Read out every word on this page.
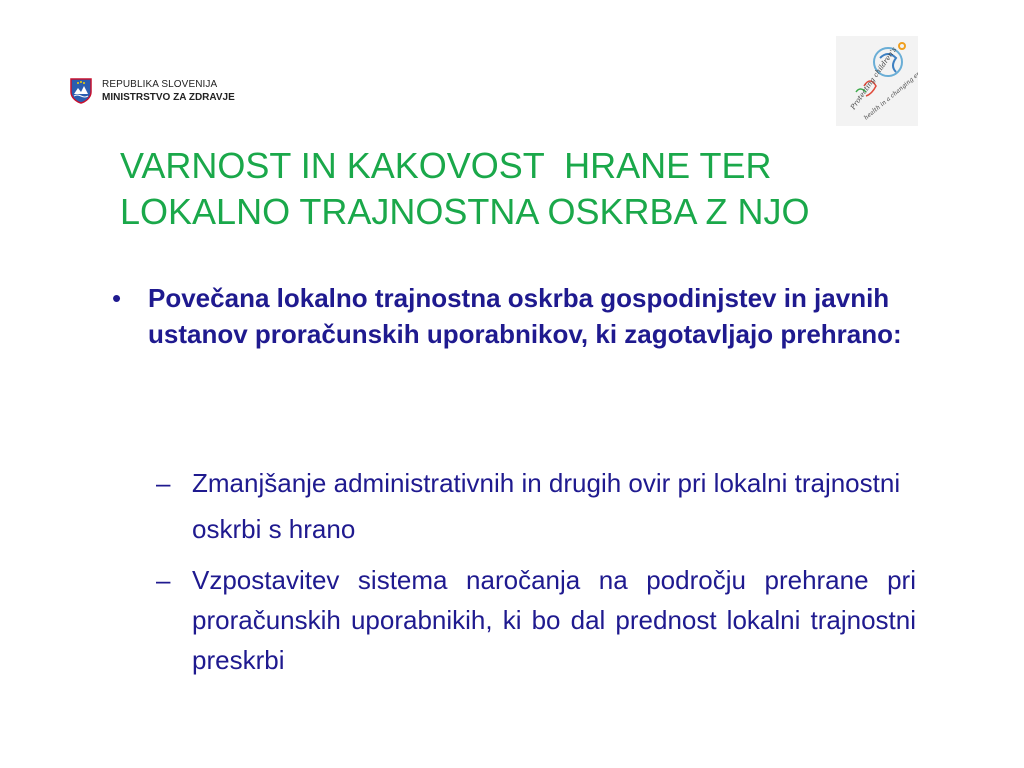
REPUBLIKA SLOVENIJA
MINISTRSTVO ZA ZDRAVJE	Protecting children's
VARNOST IN KAKOVOST  HRANE TER
LOKALNO TRAJNOSTNA OSKRBA Z NJO
•	Povečana lokalno trajnostna oskrba gospodinjstev in javnih ustanov proračunskih uporabnikov, ki zagotavljajo prehrano:
– Zmanjšanje administrativnih in drugih ovir pri lokalni trajnostni oskrbi s hrano
– Vzpostavitev sistema naročanja na področju prehrane pri proračunskih uporabnikih, ki bo dal prednost lokalni trajnostni preskrbi
